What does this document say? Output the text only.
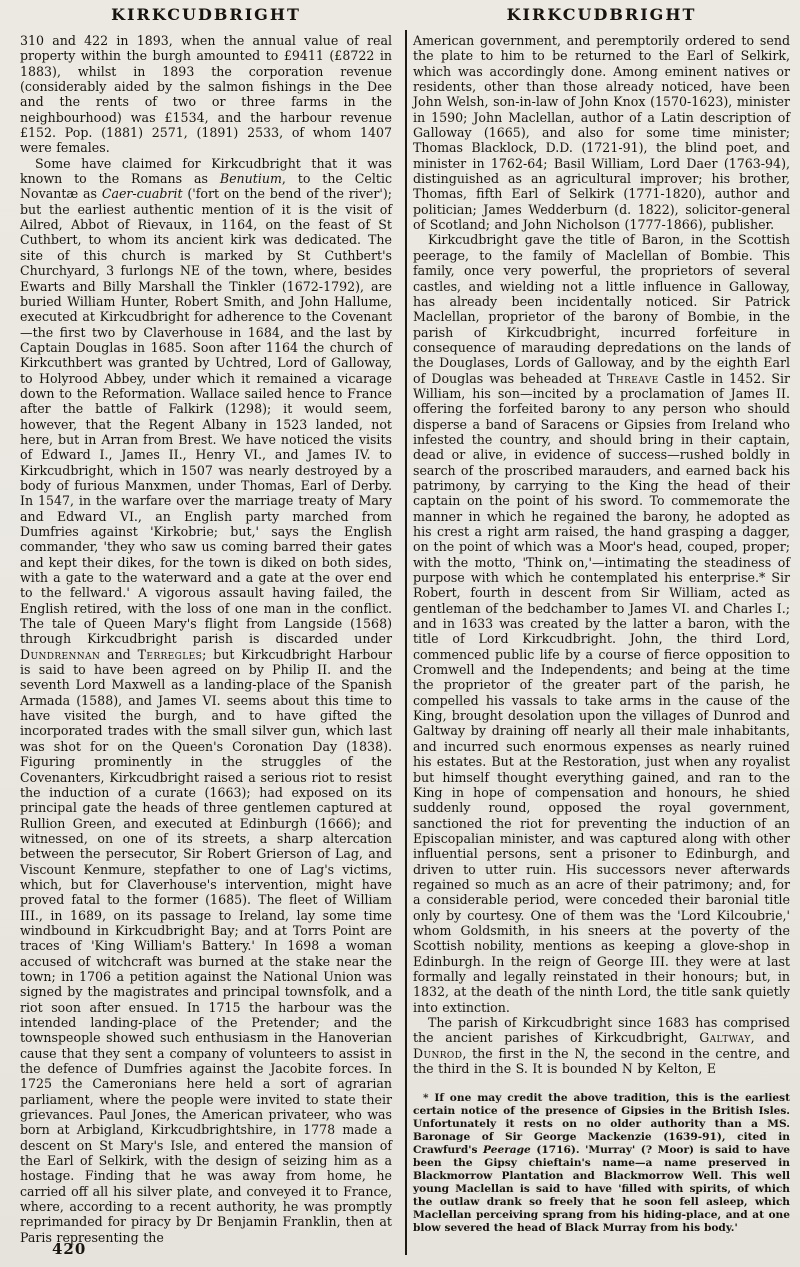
KIRKCUDBRIGHT

310 and 422 in 1893, when the annual value of real property within the burgh amounted to £9411 (£8722 in 1883), whilst in 1893 the corporation revenue (considerably aided by the salmon fishings in the Dee and the rents of two or three farms in the neighbourhood) was £1534, and the harbour revenue £152. Pop. (1881) 2571, (1891) 2533, of whom 1407 were females.

Some have claimed for Kirkcudbright that it was known to the Romans as Benutium, to the Celtic Novantæ as Caer-cuabrit ('fort on the bend of the river'); but the earliest authentic mention of it is the visit of Ailred, Abbot of Rievaux, in 1164, on the feast of St Cuthbert, to whom its ancient kirk was dedicated. The site of this church is marked by St Cuthbert's Churchyard, 3 furlongs NE of the town, where, besides Ewarts and Billy Marshall the Tinkler (1672-1792), are buried William Hunter, Robert Smith, and John Hallume, executed at Kirkcudbright for adherence to the Covenant—the first two by Claverhouse in 1684, and the last by Captain Douglas in 1685. Soon after 1164 the church of Kirkcuthbert was granted by Uchtred, Lord of Galloway, to Holyrood Abbey, under which it remained a vicarage down to the Reformation. Wallace sailed hence to France after the battle of Falkirk (1298); it would seem, however, that the Regent Albany in 1523 landed, not here, but in Arran from Brest. We have noticed the visits of Edward I., James II., Henry VI., and James IV. to Kirkcudbright, which in 1507 was nearly destroyed by a body of furious Manxmen, under Thomas, Earl of Derby. In 1547, in the warfare over the marriage treaty of Mary and Edward VI., an English party marched from Dumfries against 'Kirkobrie; but,' says the English commander, 'they who saw us coming barred their gates and kept their dikes, for the town is diked on both sides, with a gate to the waterward and a gate at the over end to the fellward.' A vigorous assault having failed, the English retired, with the loss of one man in the conflict. The tale of Queen Mary's flight from Langside (1568) through Kirkcudbright parish is discarded under Dundrennan and Terregles; but Kirkcudbright Harbour is said to have been agreed on by Philip II. and the seventh Lord Maxwell as a landing-place of the Spanish Armada (1588), and James VI. seems about this time to have visited the burgh, and to have gifted the incorporated trades with the small silver gun, which last was shot for on the Queen's Coronation Day (1838). Figuring prominently in the struggles of the Covenanters, Kirkcudbright raised a serious riot to resist the induction of a curate (1663); had exposed on its principal gate the heads of three gentlemen captured at Rullion Green, and executed at Edinburgh (1666); and witnessed, on one of its streets, a sharp altercation between the persecutor, Sir Robert Grierson of Lag, and Viscount Kenmure, stepfather to one of Lag's victims, which, but for Claverhouse's intervention, might have proved fatal to the former (1685). The fleet of William III., in 1689, on its passage to Ireland, lay some time windbound in Kirkcudbright Bay; and at Torrs Point are traces of 'King William's Battery.' In 1698 a woman accused of witchcraft was burned at the stake near the town; in 1706 a petition against the National Union was signed by the magistrates and principal townsfolk, and a riot soon after ensued. In 1715 the harbour was the intended landing-place of the Pretender; and the townspeople showed such enthusiasm in the Hanoverian cause that they sent a company of volunteers to assist in the defence of Dumfries against the Jacobite forces. In 1725 the Cameronians here held a sort of agrarian parliament, where the people were invited to state their grievances. Paul Jones, the American privateer, who was born at Arbigland, Kirkcudbrightshire, in 1778 made a descent on St Mary's Isle, and entered the mansion of the Earl of Selkirk, with the design of seizing him as a hostage. Finding that he was away from home, he carried off all his silver plate, and conveyed it to France, where, according to a recent authority, he was promptly reprimanded for piracy by Dr Benjamin Franklin, then at Paris representing the

KIRKCUDBRIGHT

American government, and peremptorily ordered to send the plate to him to be returned to the Earl of Selkirk, which was accordingly done. Among eminent natives or residents, other than those already noticed, have been John Welsh, son-in-law of John Knox (1570-1623), minister in 1590; John Maclellan, author of a Latin description of Galloway (1665), and also for some time minister; Thomas Blacklock, D.D. (1721-91), the blind poet, and minister in 1762-64; Basil William, Lord Daer (1763-94), distinguished as an agricultural improver; his brother, Thomas, fifth Earl of Selkirk (1771-1820), author and politician; James Wedderburn (d. 1822), solicitor-general of Scotland; and John Nicholson (1777-1866), publisher.

Kirkcudbright gave the title of Baron, in the Scottish peerage, to the family of Maclellan of Bombie. This family, once very powerful, the proprietors of several castles, and wielding not a little influence in Galloway, has already been incidentally noticed. Sir Patrick Maclellan, proprietor of the barony of Bombie, in the parish of Kirkcudbright, incurred forfeiture in consequence of marauding depredations on the lands of the Douglases, Lords of Galloway, and by the eighth Earl of Douglas was beheaded at Threave Castle in 1452. Sir William, his son—incited by a proclamation of James II. offering the forfeited barony to any person who should disperse a band of Saracens or Gipsies from Ireland who infested the country, and should bring in their captain, dead or alive, in evidence of success—rushed boldly in search of the proscribed marauders, and earned back his patrimony, by carrying to the King the head of their captain on the point of his sword. To commemorate the manner in which he regained the barony, he adopted as his crest a right arm raised, the hand grasping a dagger, on the point of which was a Moor's head, couped, proper; with the motto, 'Think on,'—intimating the steadiness of purpose with which he contemplated his enterprise.* Sir Robert, fourth in descent from Sir William, acted as gentleman of the bedchamber to James VI. and Charles I.; and in 1633 was created by the latter a baron, with the title of Lord Kirkcudbright. John, the third Lord, commenced public life by a course of fierce opposition to Cromwell and the Independents; and being at the time the proprietor of the greater part of the parish, he compelled his vassals to take arms in the cause of the King, brought desolation upon the villages of Dunrod and Galtway by draining off nearly all their male inhabitants, and incurred such enormous expenses as nearly ruined his estates. But at the Restoration, just when any royalist but himself thought everything gained, and ran to the King in hope of compensation and honours, he shied suddenly round, opposed the royal government, sanctioned the riot for preventing the induction of an Episcopalian minister, and was captured along with other influential persons, sent a prisoner to Edinburgh, and driven to utter ruin. His successors never afterwards regained so much as an acre of their patrimony; and, for a considerable period, were conceded their baronial title only by courtesy. One of them was the 'Lord Kilcoubrie,' whom Goldsmith, in his sneers at the poverty of the Scottish nobility, mentions as keeping a glove-shop in Edinburgh. In the reign of George III. they were at last formally and legally reinstated in their honours; but, in 1832, at the death of the ninth Lord, the title sank quietly into extinction.

The parish of Kirkcudbright since 1683 has comprised the ancient parishes of Kirkcudbright, Galtway, and Dunrod, the first in the N, the second in the centre, and the third in the S. It is bounded N by Kelton, E

* If one may credit the above tradition, this is the earliest certain notice of the presence of Gipsies in the British Isles. Unfortunately it rests on no older authority than a MS. Baronage of Sir George Mackenzie (1639-91), cited in Crawfurd's Peerage (1716). 'Murray' (? Moor) is said to have been the Gipsy chieftain's name—a name preserved in Blackmorrow Plantation and Blackmorrow Well. This well young Maclellan is said to have 'filled with spirits, of which the outlaw drank so freely that he soon fell asleep, which Maclellan perceiving sprang from his hiding-place, and at one blow severed the head of Black Murray from his body.'

420
